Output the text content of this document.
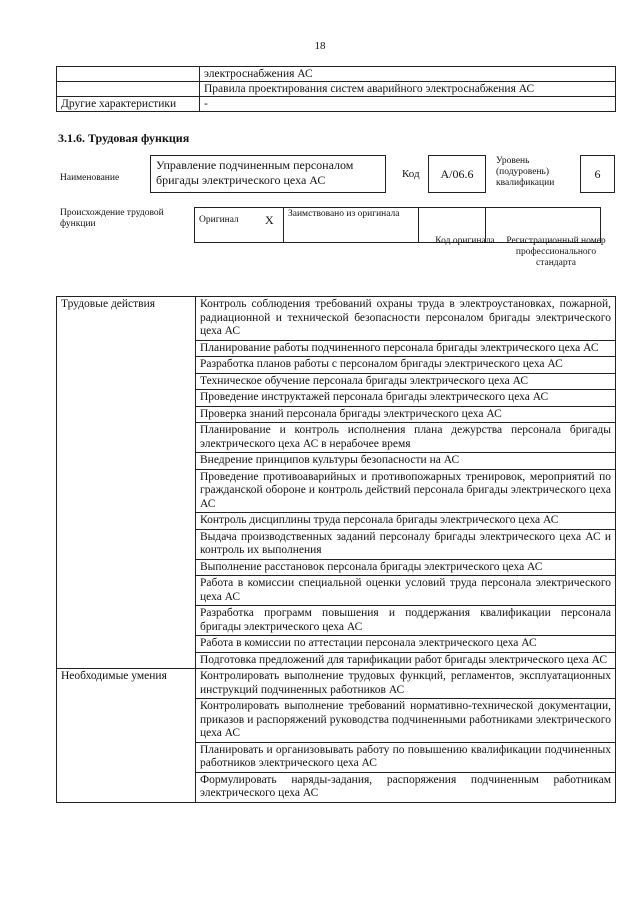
18
	электроснабжения АС
	Правила проектирования систем аварийного электроснабжения АС
Другие характеристики	-
3.1.6. Трудовая функция
Наименование
Управление подчиненным персоналом бригады электрического цеха АС	Код	A/06.6
Уровень (подуровень) квалификации
6
Происхождение трудовой функции	Оригинал	X	Заимствовано из оригинала		
Код оригинала Регистрационный номер профессионального стандарта
Трудовые действия	Контроль соблюдения требований охраны труда в электроустановках, пожарной, радиационной и технической безопасности персоналом бригады электрического цеха АС
	Планирование работы подчиненного персонала бригады электрического цеха АС
	Разработка планов работы с персоналом бригады электрического цеха АС
	Техническое обучение персонала бригады электрического цеха АС
	Проведение инструктажей персонала бригады электрического цеха АС
	Проверка знаний персонала бригады электрического цеха АС
	Планирование и контроль исполнения плана дежурства персонала бригады электрического цеха АС в нерабочее время
	Внедрение принципов культуры безопасности на АС
	Проведение противоаварийных и противопожарных тренировок, мероприятий по гражданской обороне и контроль действий персонала бригады электрического цеха АС
	Контроль дисциплины труда персонала бригады электрического цеха АС
	Выдача производственных заданий персоналу бригады электрического цеха АС и контроль их выполнения
	Выполнение расстановок персонала бригады электрического цеха АС
	Работа в комиссии специальной оценки условий труда персонала электрического цеха АС
	Разработка программ повышения и поддержания квалификации персонала бригады электрического цеха АС
	Работа в комиссии по аттестации персонала электрического цеха АС
	Подготовка предложений для тарификации работ бригады электрического цеха АС
Необходимые умения	Контролировать выполнение трудовых функций, регламентов, эксплуатационных инструкций подчиненных работников АС
	Контролировать выполнение требований нормативно-технической документации, приказов и распоряжений руководства подчиненными работниками электрического цеха АС
	Планировать и организовывать работу по повышению квалификации подчиненных работников электрического цеха АС
	Формулировать наряды-задания, распоряжения подчиненным работникам электрического цеха АС
